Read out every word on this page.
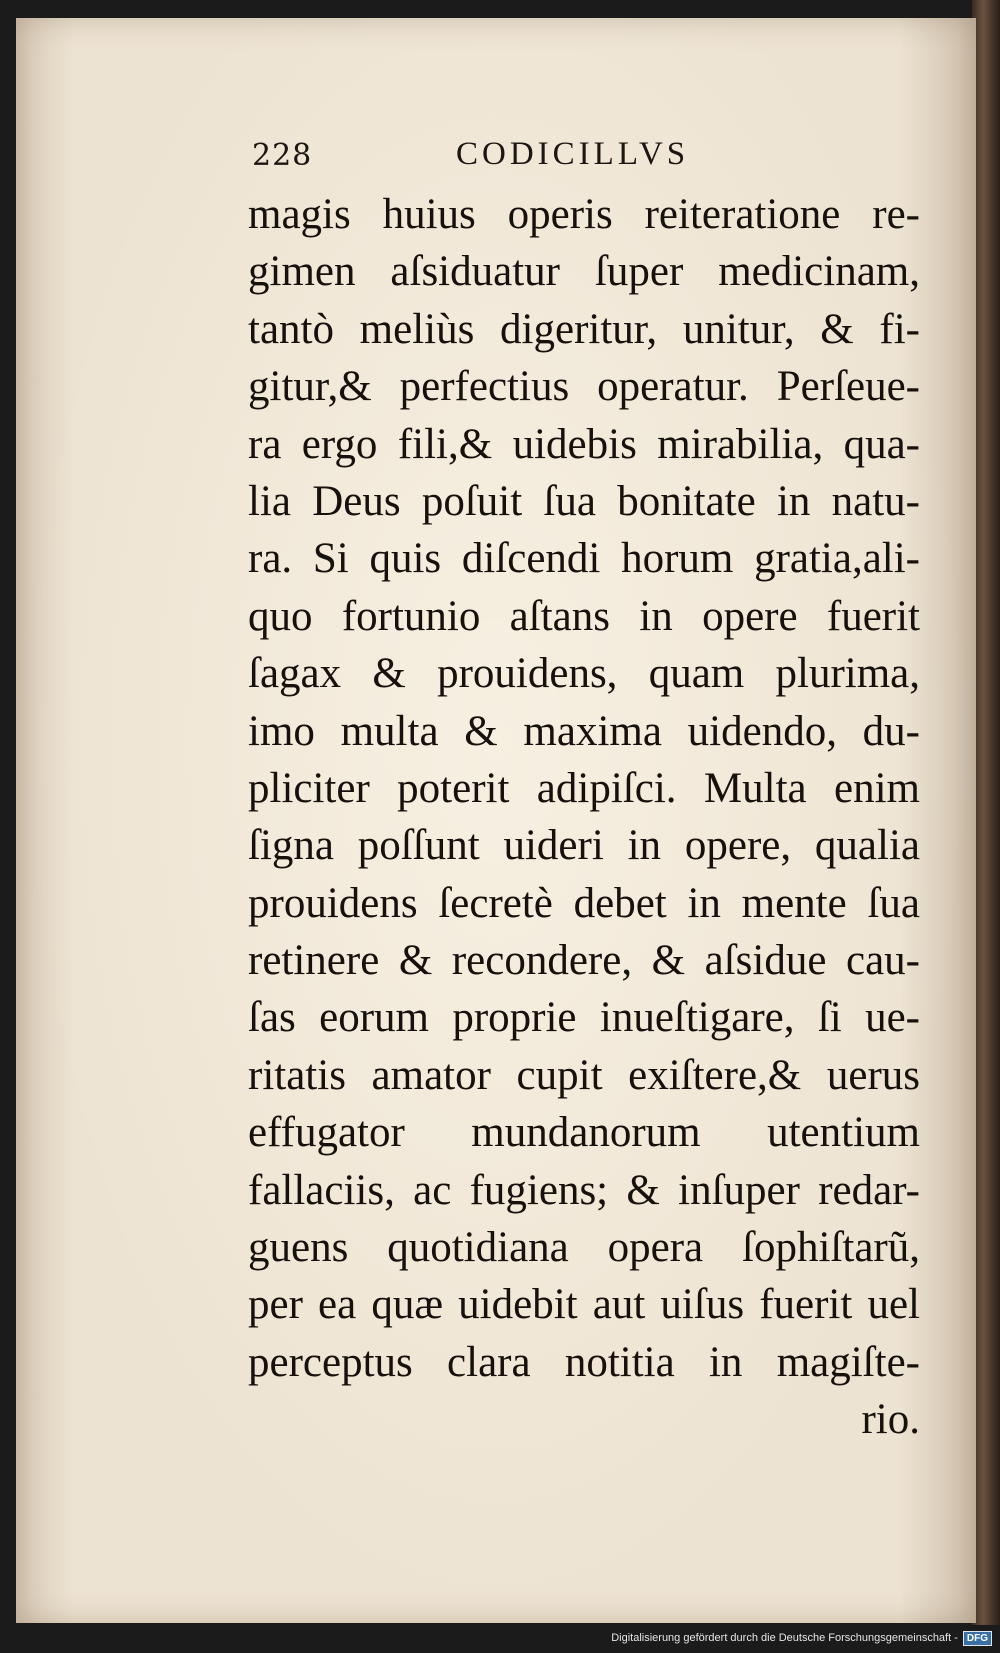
228	CODICILLVS
magis huius operis reiteratione re-
gimen aſsiduatur ſuper medicinam,
tantò meliùs digeritur, unitur, & fi-
gitur,& perfectius operatur. Perſeue-
ra ergo fili,& uidebis mirabilia, qua-
lia Deus poſuit ſua bonitate in natu-
ra. Si quis diſcendi horum gratia,ali-
quo fortunio aſtans in opere fuerit
ſagax & prouidens, quam plurima,
imo multa & maxima uidendo, du-
pliciter poterit adipiſci. Multa enim
ſigna poſſunt uideri in opere, qualia
prouidens ſecretè debet in mente ſua
retinere & recondere, & aſsidue cau-
ſas eorum proprie inueſtigare, ſi ue-
ritatis amator cupit exiſtere,& uerus
effugator mundanorum utentium
fallaciis, ac fugiens; & inſuper redar-
guens quotidiana opera ſophiſtarũ,
per ea quæ uidebit aut uiſus fuerit uel
perceptus clara notitia in magiſte-
rio.
Digitalisierung gefördert durch die Deutsche Forschungsgemeinschaft - DFG
